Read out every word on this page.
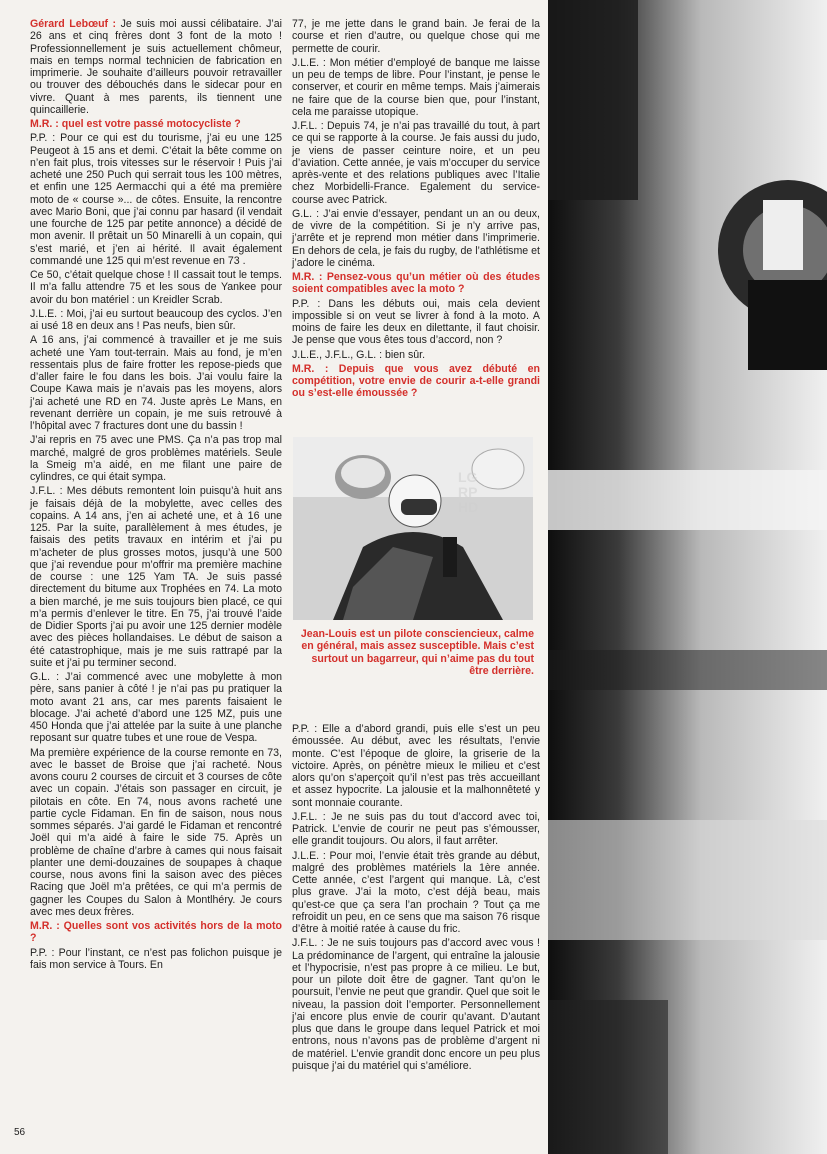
Gérard Lebœuf : Je suis moi aussi célibataire. J’ai 26 ans et cinq frères dont 3 font de la moto ! Professionnellement je suis actuellement chômeur, mais en temps normal technicien de fabrication en imprimerie. Je souhaite d’ailleurs pouvoir retravailler ou trouver des débouchés dans le sidecar pour en vivre. Quant à mes parents, ils tiennent une quincaillerie.

M.R. : quel est votre passé motocycliste ?

P.P. : Pour ce qui est du tourisme, j’ai eu une 125 Peugeot à 15 ans et demi. C’était la bête comme on n’en fait plus, trois vitesses sur le réservoir ! Puis j’ai acheté une 250 Puch qui serrait tous les 100 mètres, et enfin une 125 Aermacchi qui a été ma première moto de « course »... de côtes. Ensuite, la rencontre avec Mario Boni, que j’ai connu par hasard (il vendait une fourche de 125 par petite annonce) a décidé de mon avenir. Il prêtait un 50 Minarelli à un copain, qui s’est marié, et j’en ai hérité. Il avait également commandé une 125 qui m’est revenue en 73 .

Ce 50, c’était quelque chose ! Il cassait tout le temps. Il m’a fallu attendre 75 et les sous de Yankee pour avoir du bon matériel : un Kreidler Scrab.

J.L.E. : Moi, j’ai eu surtout beaucoup des cyclos. J’en ai usé 18 en deux ans ! Pas neufs, bien sûr.

A 16 ans, j’ai commencé à travailler et je me suis acheté une Yam tout-terrain. Mais au fond, je m’en ressentais plus de faire frotter les repose-pieds que d’aller faire le fou dans les bois. J’ai voulu faire la Coupe Kawa mais je n’avais pas les moyens, alors j’ai acheté une RD en 74. Juste après Le Mans, en revenant derrière un copain, je me suis retrouvé à l’hôpital avec 7 fractures dont une du bassin !

J’ai repris en 75 avec une PMS. Ça n’a pas trop mal marché, malgré de gros problèmes matériels. Seule la Smeig m’a aidé, en me filant une paire de cylindres, ce qui était sympa.

J.F.L. : Mes débuts remontent loin puisqu’à huit ans je faisais déjà de la mobylette, avec celles des copains. A 14 ans, j’en ai acheté une, et à 16 une 125. Par la suite, parallèlement à mes études, je faisais des petits travaux en intérim et j’ai pu m’acheter de plus grosses motos, jusqu’à une 500 que j’ai revendue pour m’offrir ma première machine de course : une 125 Yam TA. Je suis passé directement du bitume aux Trophées en 74. La moto a bien marché, je me suis toujours bien placé, ce qui m’a permis d’enlever le titre. En 75, j’ai trouvé l’aide de Didier Sports j’ai pu avoir une 125 dernier modèle avec des pièces hollandaises. Le début de saison a été catastrophique, mais je me suis rattrapé par la suite et j’ai pu terminer second.

G.L. : J’ai commencé avec une mobylette à mon père, sans panier à côté ! je n’ai pas pu pratiquer la moto avant 21 ans, car mes parents faisaient le blocage. J’ai acheté d’abord une 125 MZ, puis une 450 Honda que j’ai attelée par la suite à une planche reposant sur quatre tubes et une roue de Vespa.

Ma première expérience de la course remonte en 73, avec le basset de Broise que j’ai racheté. Nous avons couru 2 courses de circuit et 3 courses de côte avec un copain. J’étais son passager en circuit, je pilotais en côte. En 74, nous avons racheté une partie cycle Fidaman. En fin de saison, nous nous sommes séparés. J’ai gardé le Fidaman et rencontré Joël qui m’a aidé à faire le side 75. Après un problème de chaîne d’arbre à cames qui nous faisait planter une demi-douzaines de soupapes à chaque course, nous avons fini la saison avec des pièces Racing que Joël m’a prêtées, ce qui m’a permis de gagner les Coupes du Salon à Montlhéry. Je cours avec mes deux frères.

M.R. : Quelles sont vos activités hors de la moto ?

P.P. : Pour l’instant, ce n’est pas folichon puisque je fais mon service à Tours. En

77, je me jette dans le grand bain. Je ferai de la course et rien d’autre, ou quelque chose qui me permette de courir.

J.L.E. : Mon métier d’employé de banque me laisse un peu de temps de libre. Pour l’instant, je pense le conserver, et courir en même temps. Mais j’aimerais ne faire que de la course bien que, pour l’instant, cela me paraisse utopique.

J.F.L. : Depuis 74, je n’ai pas travaillé du tout, à part ce qui se rapporte à la course. Je fais aussi du judo, je viens de passer ceinture noire, et un peu d’aviation. Cette année, je vais m’occuper du service après-vente et des relations publiques avec l’Italie chez Morbidelli-France. Egalement du service-course avec Patrick.

G.L. : J’ai envie d’essayer, pendant un an ou deux, de vivre de la compétition. Si je n’y arrive pas, j’arrête et je reprend mon métier dans l’imprimerie. En dehors de cela, je fais du rugby, de l’athlétisme et j’adore le cinéma.

M.R. : Pensez-vous qu’un métier où des études soient compatibles avec la moto ?

P.P. : Dans les débuts oui, mais cela devient impossible si on veut se livrer à fond à la moto. A moins de faire les deux en dilettante, il faut choisir. Je pense que vous êtes tous d’accord, non ?

J.L.E., J.F.L., G.L. : bien sûr.

M.R. : Depuis que vous avez débuté en compétition, votre envie de courir a-t-elle grandi ou s’est-elle émoussée ?

LG
RP
HD
Jean-Louis est un pilote consciencieux, calme en général, mais assez susceptible. Mais c’est surtout un bagarreur, qui n’aime pas du tout être derrière.

P.P. : Elle a d’abord grandi, puis elle s’est un peu émoussée. Au début, avec les résultats, l’envie monte. C’est l’époque de gloire, la griserie de la victoire. Après, on pénètre mieux le milieu et c’est alors qu’on s’aperçoit qu’il n’est pas très accueillant et assez hypocrite. La jalousie et la malhonnêteté y sont monnaie courante.

J.F.L. : Je ne suis pas du tout d’accord avec toi, Patrick. L’envie de courir ne peut pas s’émousser, elle grandit toujours. Ou alors, il faut arrêter.

J.L.E. : Pour moi, l’envie était très grande au début, malgré des problèmes matériels la 1ère année. Cette année, c’est l’argent qui manque. Là, c’est plus grave. J’ai la moto, c’est déjà beau, mais qu’est-ce que ça sera l’an prochain ? Tout ça me refroidit un peu, en ce sens que ma saison 76 risque d’être à moitié ratée à cause du fric.

J.F.L. : Je ne suis toujours pas d’accord avec vous ! La prédominance de l’argent, qui entraîne la jalousie et l’hypocrisie, n’est pas propre à ce milieu. Le but, pour un pilote doit être de gagner. Tant qu’on le poursuit, l’envie ne peut que grandir. Quel que soit le niveau, la passion doit l’emporter. Personnellement j’ai encore plus envie de courir qu’avant. D’autant plus que dans le groupe dans lequel Patrick et moi entrons, nous n’avons pas de problème d’argent ni de matériel. L’envie grandit donc encore un peu plus puisque j’ai du matériel qui s’améliore.

56
